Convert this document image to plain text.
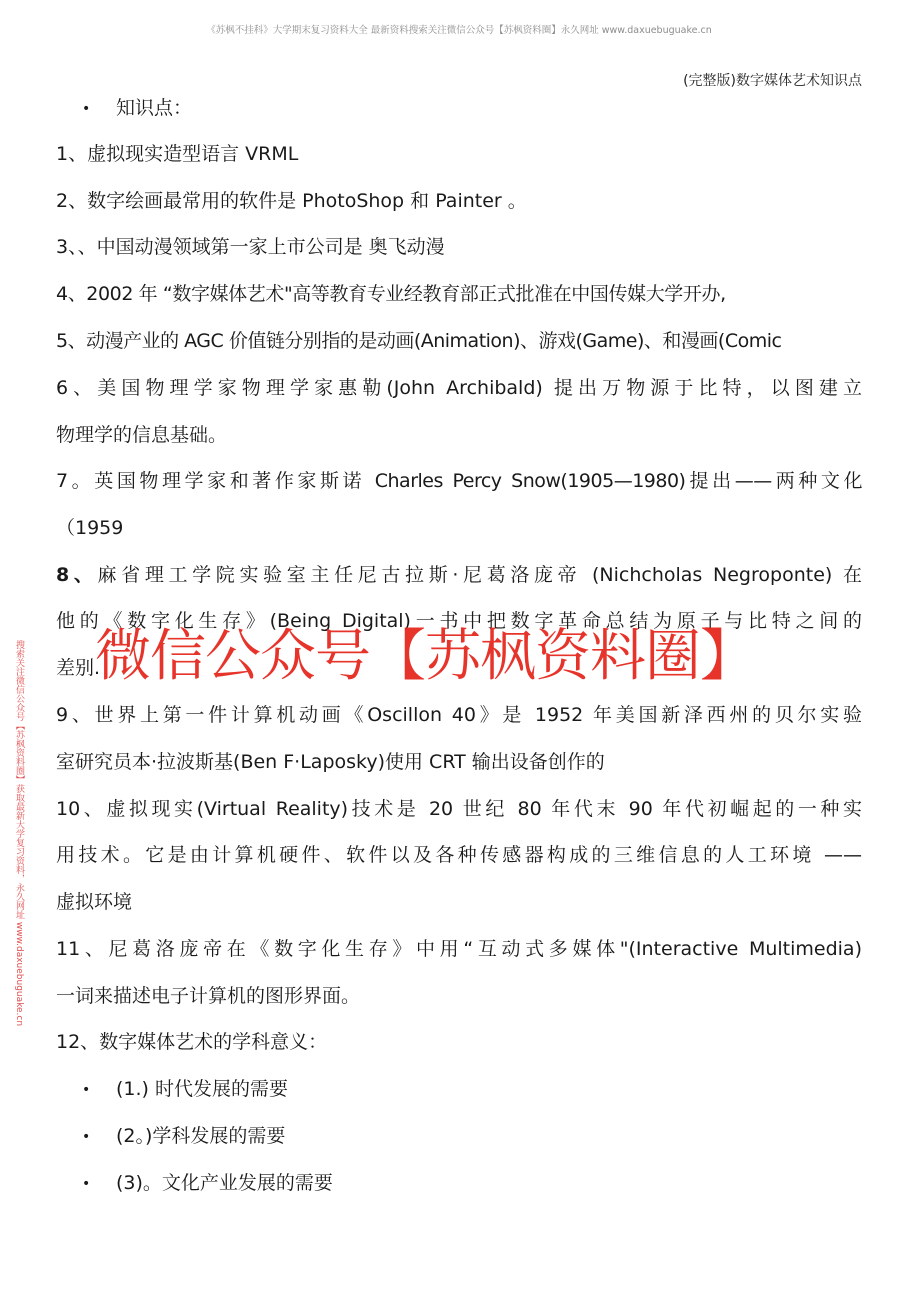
《苏枫不挂科》大学期末复习资料大全 最新资料搜索关注微信公众号【苏枫资料圈】永久网址 www.daxuebuguake.cn
(完整版)数字媒体艺术知识点
搜索关注微信公众号【苏枫资料圈】获取最新大学复习资料，永久网址 www.daxuebuguake.cn 微信公众号【苏枫资料圈】
• 知识点：
1、虚拟现实造型语言 VRML
2、数字绘画最常用的软件是 PhotoShop 和 Painter 。
3、、中国动漫领域第一家上市公司是 奥飞动漫
4、2002 年 “数字媒体艺术"高等教育专业经教育部正式批准在中国传媒大学开办,
5、动漫产业的 AGC 价值链分别指的是动画(Animation)、游戏(Game)、和漫画(Comic
6、美国物理学家物理学家惠勒(John Archibald) 提出万物源于比特，以图建立
物理学的信息基础。
7。英国物理学家和著作家斯诺 Charles Percy Snow(1905—1980)提出——两种文化
（1959
8、麻省理工学院实验室主任尼古拉斯·尼葛洛庞帝 (Nichcholas Negroponte) 在
他的《数字化生存》(Being Digital)一书中把数字革命总结为原子与比特之间的
差别.
9、世界上第一件计算机动画《Oscillon 40》是 1952 年美国新泽西州的贝尔实验
室研究员本·拉波斯基(Ben F·Laposky)使用 CRT 输出设备创作的
10、虚拟现实(Virtual Reality)技术是 20 世纪 80 年代末 90 年代初崛起的一种实
用技术。它是由计算机硬件、软件以及各种传感器构成的三维信息的人工环境 ——
虚拟环境
11、尼葛洛庞帝在《数字化生存》中用“互动式多媒体"(Interactive Multimedia)
一词来描述电子计算机的图形界面。
12、数字媒体艺术的学科意义：
• (1.) 时代发展的需要
• (2。)学科发展的需要
• (3)。文化产业发展的需要
